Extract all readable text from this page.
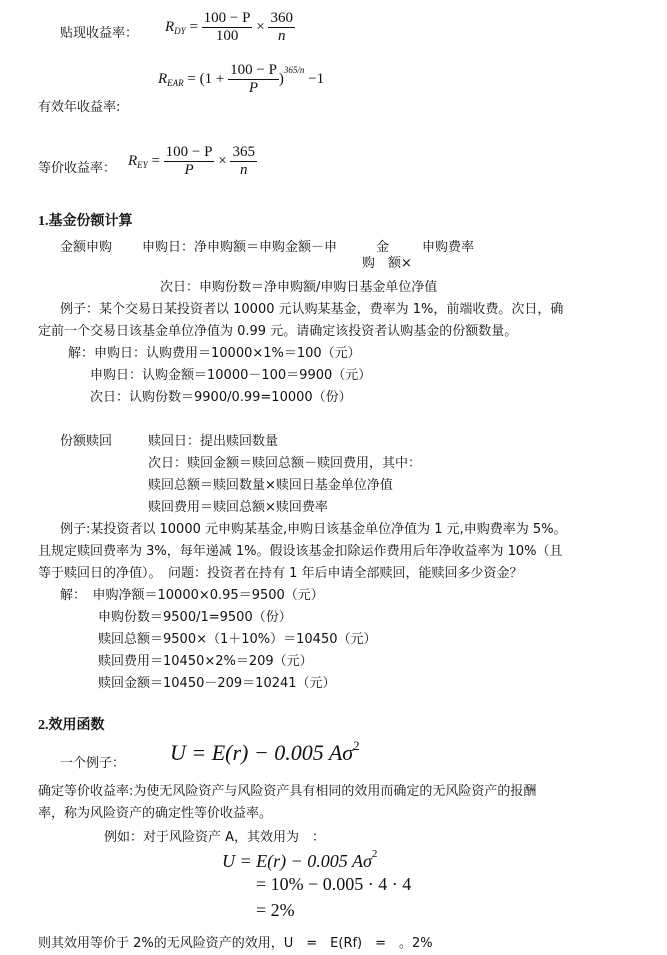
贴现收益率： $R_{DY} = \frac{100 - P}{100} \times \frac{360}{n}$
$R_{EAR} = (1 + \frac{100 - P}{P} )^{365/n} -1$
有效年收益率:
等价收益率： $R_{EY} = \frac{100 - P}{P} \times \frac{365}{n}$
1.基金份额计算
金额申购 申购日：净申购额＝申购金额－申	金	申购费率
购　额×
次日：申购份数＝净申购额/申购日基金单位净值
例子：某个交易日某投资者以 10000 元认购某基金，费率为 1%，前端收费。次日，确
定前一个交易日该基金单位净值为 0.99 元。请确定该投资者认购基金的份额数量。
解：申购日：认购费用＝10000×1%＝100（元）
申购日：认购金额＝10000－100＝9900（元）
次日：认购份数＝9900/0.99=10000（份）
份额赎回	赎回日：提出赎回数量
次日：赎回金额＝赎回总额－赎回费用，其中：
赎回总额＝赎回数量×赎回日基金单位净值
赎回费用＝赎回总额×赎回费率
例子:某投资者以 10000 元申购某基金,申购日该基金单位净值为 1 元,申购费率为 5%。
且规定赎回费率为 3%，每年递减 1%。假设该基金扣除运作费用后年净收益率为 10%（且
等于赎回日的净值）。　问题：投资者在持有 1 年后申请全部赎回，能赎回多少资金？
解：　申购净额＝10000×0.95＝9500（元）
申购份数＝9500/1=9500（份）
赎回总额＝9500×（1＋10%）＝10450（元）
赎回费用＝10450×2%＝209（元）
赎回金额＝10450－209＝10241（元）
2.效用函数
一个例子： U = E(r) − 0.005 $A\sigma^2$
确定等价收益率:为使无风险资产与风险资产具有相同的效用而确定的无风险资产的报酬
率，称为风险资产的确定性等价收益率。
例如：对于风险资产 A，其效用为　：
U = E(r) − 0.005 $A\sigma^2$
= 10% − 0.005 · 4 · 4
= 2%
则其效用等价于 2%的无风险资产的效用，U　=　E(Rf)　=　。2%
